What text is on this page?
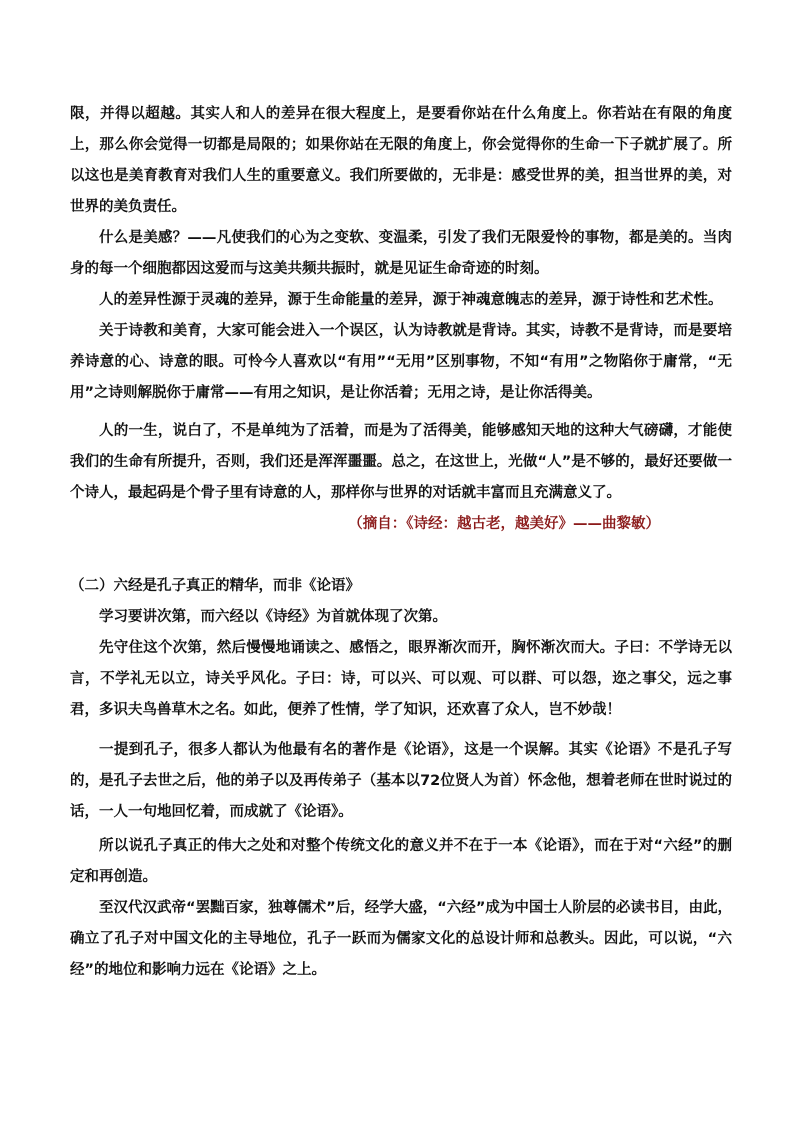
限，并得以超越。其实人和人的差异在很大程度上，是要看你站在什么角度上。你若站在有限的角度上，那么你会觉得一切都是局限的；如果你站在无限的角度上，你会觉得你的生命一下子就扩展了。所以这也是美育教育对我们人生的重要意义。我们所要做的，无非是：感受世界的美，担当世界的美，对世界的美负责任。

什么是美感？——凡使我们的心为之变软、变温柔，引发了我们无限爱怜的事物，都是美的。当肉身的每一个细胞都因这爱而与这美共频共振时，就是见证生命奇迹的时刻。

人的差异性源于灵魂的差异，源于生命能量的差异，源于神魂意魄志的差异，源于诗性和艺术性。

关于诗教和美育，大家可能会进入一个误区，认为诗教就是背诗。其实，诗教不是背诗，而是要培养诗意的心、诗意的眼。可怜今人喜欢以“有用”“无用”区别事物，不知“有用”之物陷你于庸常，“无用”之诗则解脱你于庸常——有用之知识，是让你活着；无用之诗，是让你活得美。

人的一生，说白了，不是单纯为了活着，而是为了活得美，能够感知天地的这种大气磅礴，才能使我们的生命有所提升，否则，我们还是浑浑噩噩。总之，在这世上，光做“人”是不够的，最好还要做一个诗人，最起码是个骨子里有诗意的人，那样你与世界的对话就丰富而且充满意义了。

（摘自：《诗经：越古老，越美好》——曲黎敏）
（二）六经是孔子真正的精华，而非《论语》

学习要讲次第，而六经以《诗经》为首就体现了次第。

先守住这个次第，然后慢慢地诵读之、感悟之，眼界渐次而开，胸怀渐次而大。子曰：不学诗无以言，不学礼无以立，诗关乎风化。子曰：诗，可以兴、可以观、可以群、可以怨，迩之事父，远之事君，多识夫鸟兽草木之名。如此，便养了性情，学了知识，还欢喜了众人，岂不妙哉！

一提到孔子，很多人都认为他最有名的著作是《论语》，这是一个误解。其实《论语》不是孔子写的，是孔子去世之后，他的弟子以及再传弟子（基本以72位贤人为首）怀念他，想着老师在世时说过的话，一人一句地回忆着，而成就了《论语》。

所以说孔子真正的伟大之处和对整个传统文化的意义并不在于一本《论语》，而在于对“六经”的删定和再创造。

至汉代汉武帝“罢黜百家，独尊儒术”后，经学大盛，“六经”成为中国士人阶层的必读书目，由此，确立了孔子对中国文化的主导地位，孔子一跃而为儒家文化的总设计师和总教头。因此，可以说，“六经”的地位和影响力远在《论语》之上。
